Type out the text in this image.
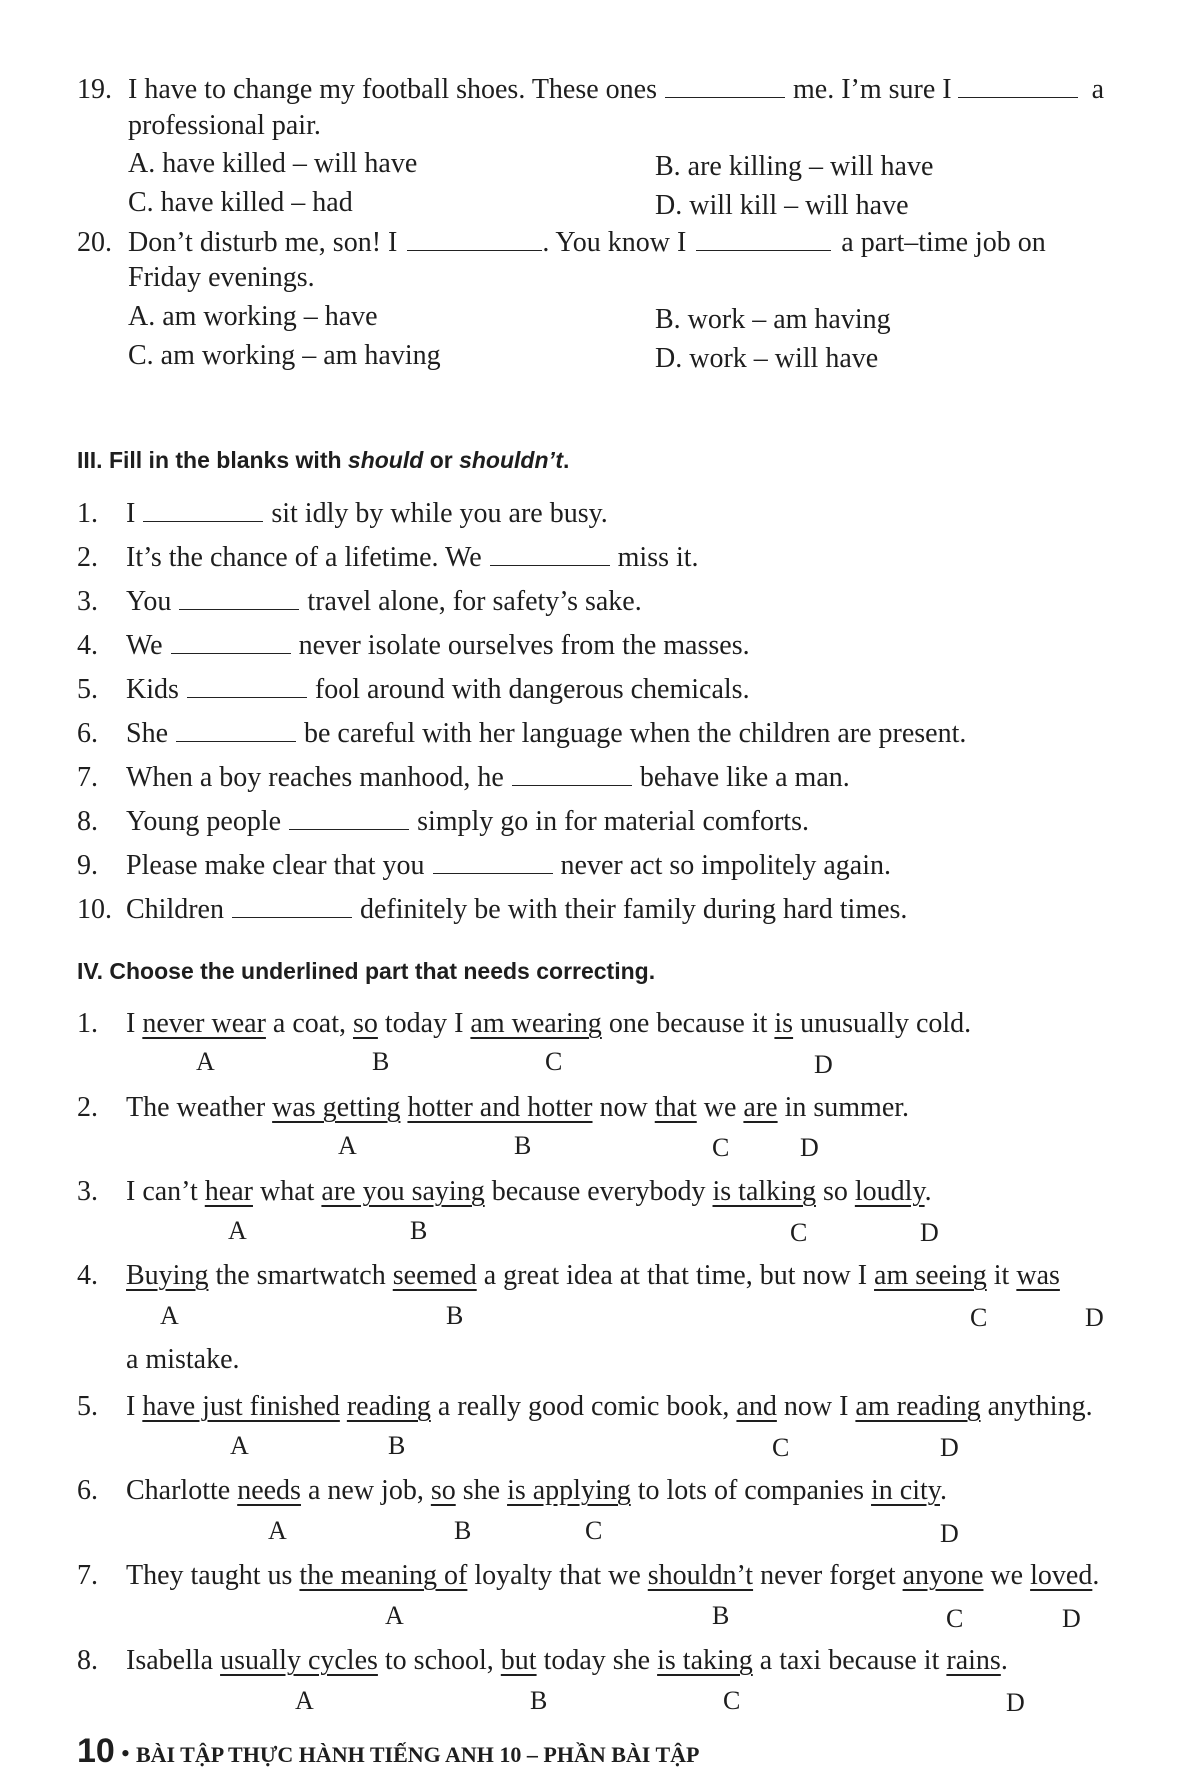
19. I have to change my football shoes. These ones	me. I’m sure I	a
professional pair.
A. have killed – will have	B. are killing – will have
C. have killed – had	D. will kill – will have
20. Don’t disturb me, son! I	. You know I	a part–time job on
Friday evenings.
A. am working – have	B. work – am having
C. am working – am having	D. work – will have
III. Fill in the blanks with should or shouldn’t.
1. I	sit idly by while you are busy.
2. It’s the chance of a lifetime. We	miss it.
3. You	travel alone, for safety’s sake.
4. We	never isolate ourselves from the masses.
5. Kids	fool around with dangerous chemicals.
6. She	be careful with her language when the children are present.
7. When a boy reaches manhood, he	behave like a man.
8. Young people	simply go in for material comforts.
9. Please make clear that you	never act so impolitely again.
10. Children	definitely be with their family during hard times.
IV. Choose the underlined part that needs correcting.
1. I never wear a coat, so today I am wearing one because it is unusually cold.
A	B	C	D
2. The weather was getting hotter and hotter now that we are in summer.
A	B	C	D
3. I can’t hear what are you saying because everybody is talking so loudly.
A	B	C	D
4. Buying the smartwatch seemed a great idea at that time, but now I am seeing it was
A	B	C	D
a mistake.
5. I have just finished reading a really good comic book, and now I am reading anything.
A	B	C	D
6. Charlotte needs a new job, so she is applying to lots of companies in city.
A	B	C	D
7. They taught us the meaning of loyalty that we shouldn’t never forget anyone we loved.
A	B	C	D
8. Isabella usually cycles to school, but today she is taking a taxi because it rains.
A	B	C	D
10 • BÀI TẬP THỰC HÀNH TIẾNG ANH 10 – PHẦN BÀI TẬP
